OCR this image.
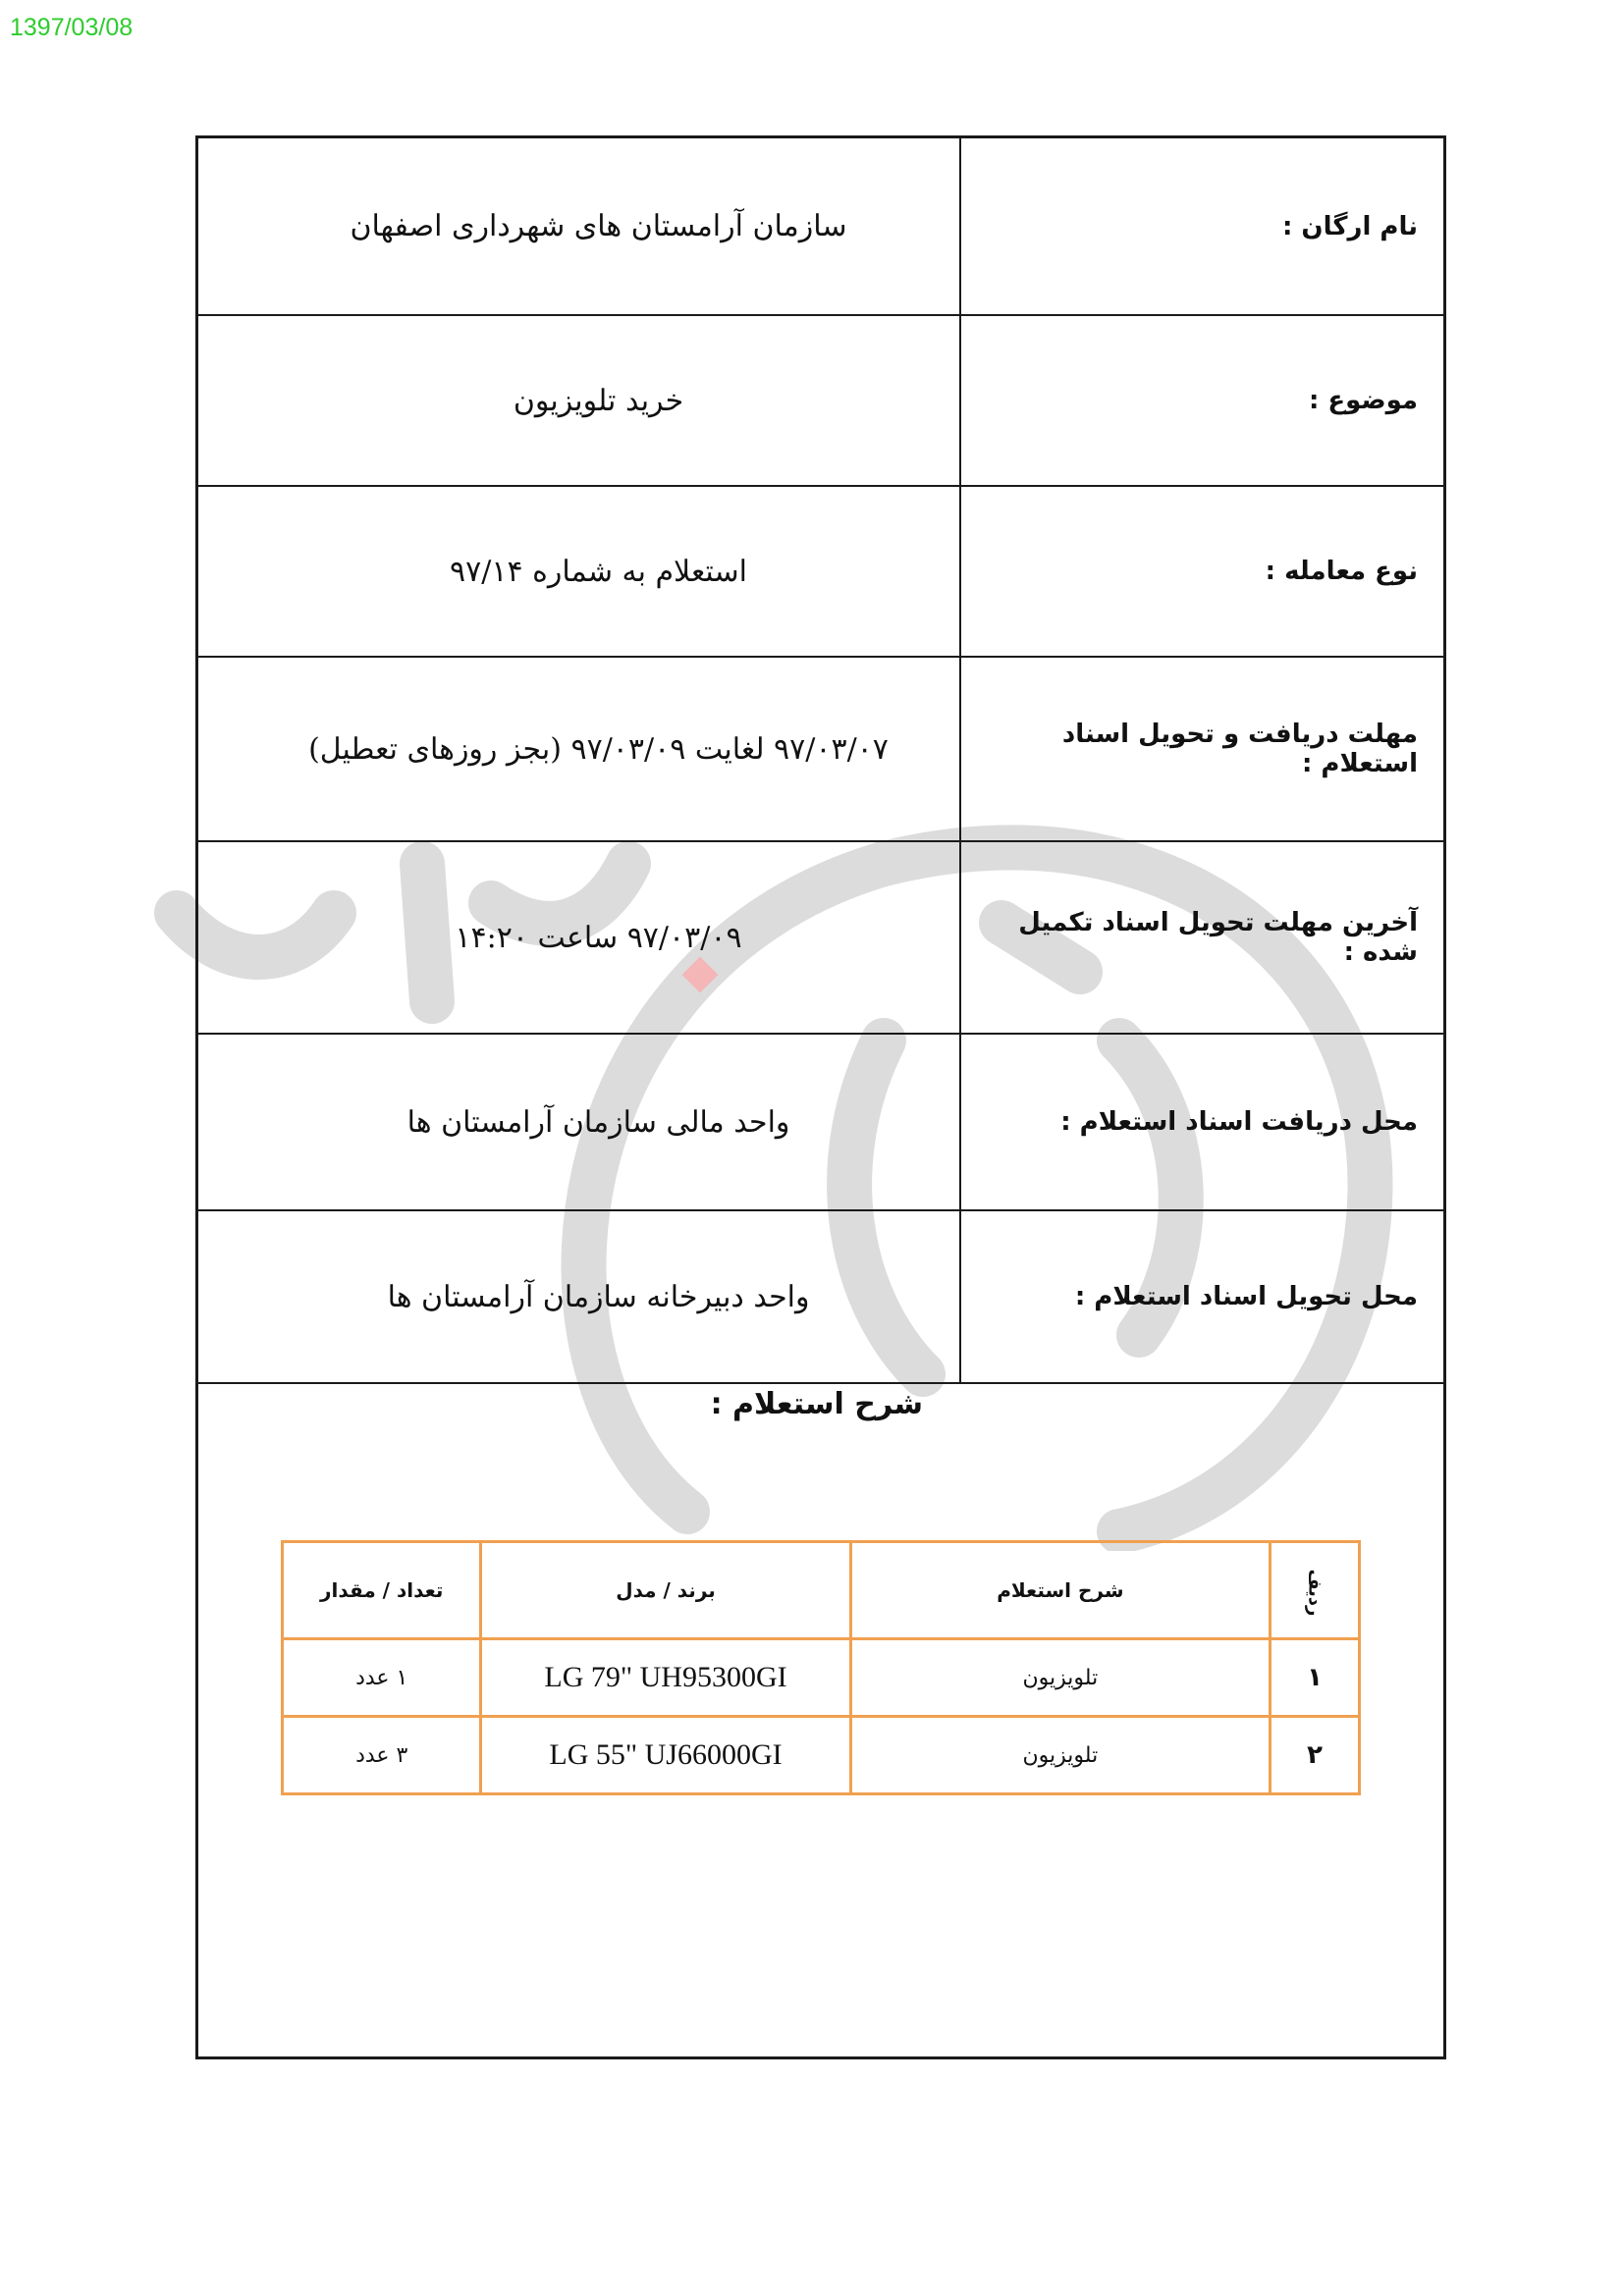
1397/03/08
نام ارگان :	سازمان آرامستان های شهرداری اصفهان
موضوع :	خرید تلویزیون
نوع معامله :	استعلام به شماره ۹۷/۱۴
مهلت دریافت و تحویل اسناد استعلام :	۹۷/۰۳/۰۷ لغایت ۹۷/۰۳/۰۹ (بجز روزهای تعطیل)
آخرین مهلت تحویل اسناد تکمیل شده :	۹۷/۰۳/۰۹ ساعت ۱۴:۲۰
محل دریافت اسناد استعلام :	واحد مالی سازمان آرامستان ها
محل تحویل اسناد استعلام :	واحد دبیرخانه سازمان آرامستان ها
شرح استعلام :
ردیف	شرح استعلام	برند / مدل	تعداد / مقدار
۱	تلویزیون	LG 79" UH95300GI	۱ عدد
۲	تلویزیون	LG 55" UJ66000GI	۳ عدد
